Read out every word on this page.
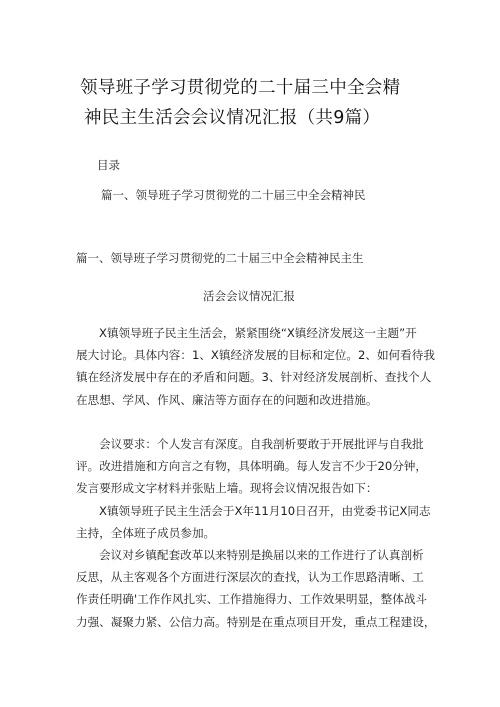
领导班子学习贯彻党的二十届三中全会精
神民主生活会会议情况汇报（共9篇）
目录
篇一、领导班子学习贯彻党的二十届三中全会精神民
篇一、领导班子学习贯彻党的二十届三中全会精神民主生
活会会议情况汇报
X镇领导班子民主生活会，紧紧围绕“X镇经济发展这一主题”开
展大讨论。具体内容：1、X镇经济发展的目标和定位。2、如何看待我
镇在经济发展中存在的矛盾和问题。3、针对经济发展剖析、查找个人
在思想、学风、作风、廉洁等方面存在的问题和改进措施。
会议要求：个人发言有深度。自我剖析要敢于开展批评与自我批
评。改进措施和方向言之有物，具体明确。每人发言不少于20分钟，
发言要形成文字材料并张贴上墙。现将会议情况报告如下：
X镇领导班子民主生活会于X年11月10日召开，由党委书记X同志
主持，全体班子成员参加。
会议对乡镇配套改革以来特别是换届以来的工作进行了认真剖析
反思，从主客观各个方面进行深层次的查找，认为工作思路清晰、工
作责任明确'工作作风扎实、工作措施得力、工作效果明显，整体战斗
力强、凝聚力紧、公信力高。特别是在重点项目开发，重点工程建设，
